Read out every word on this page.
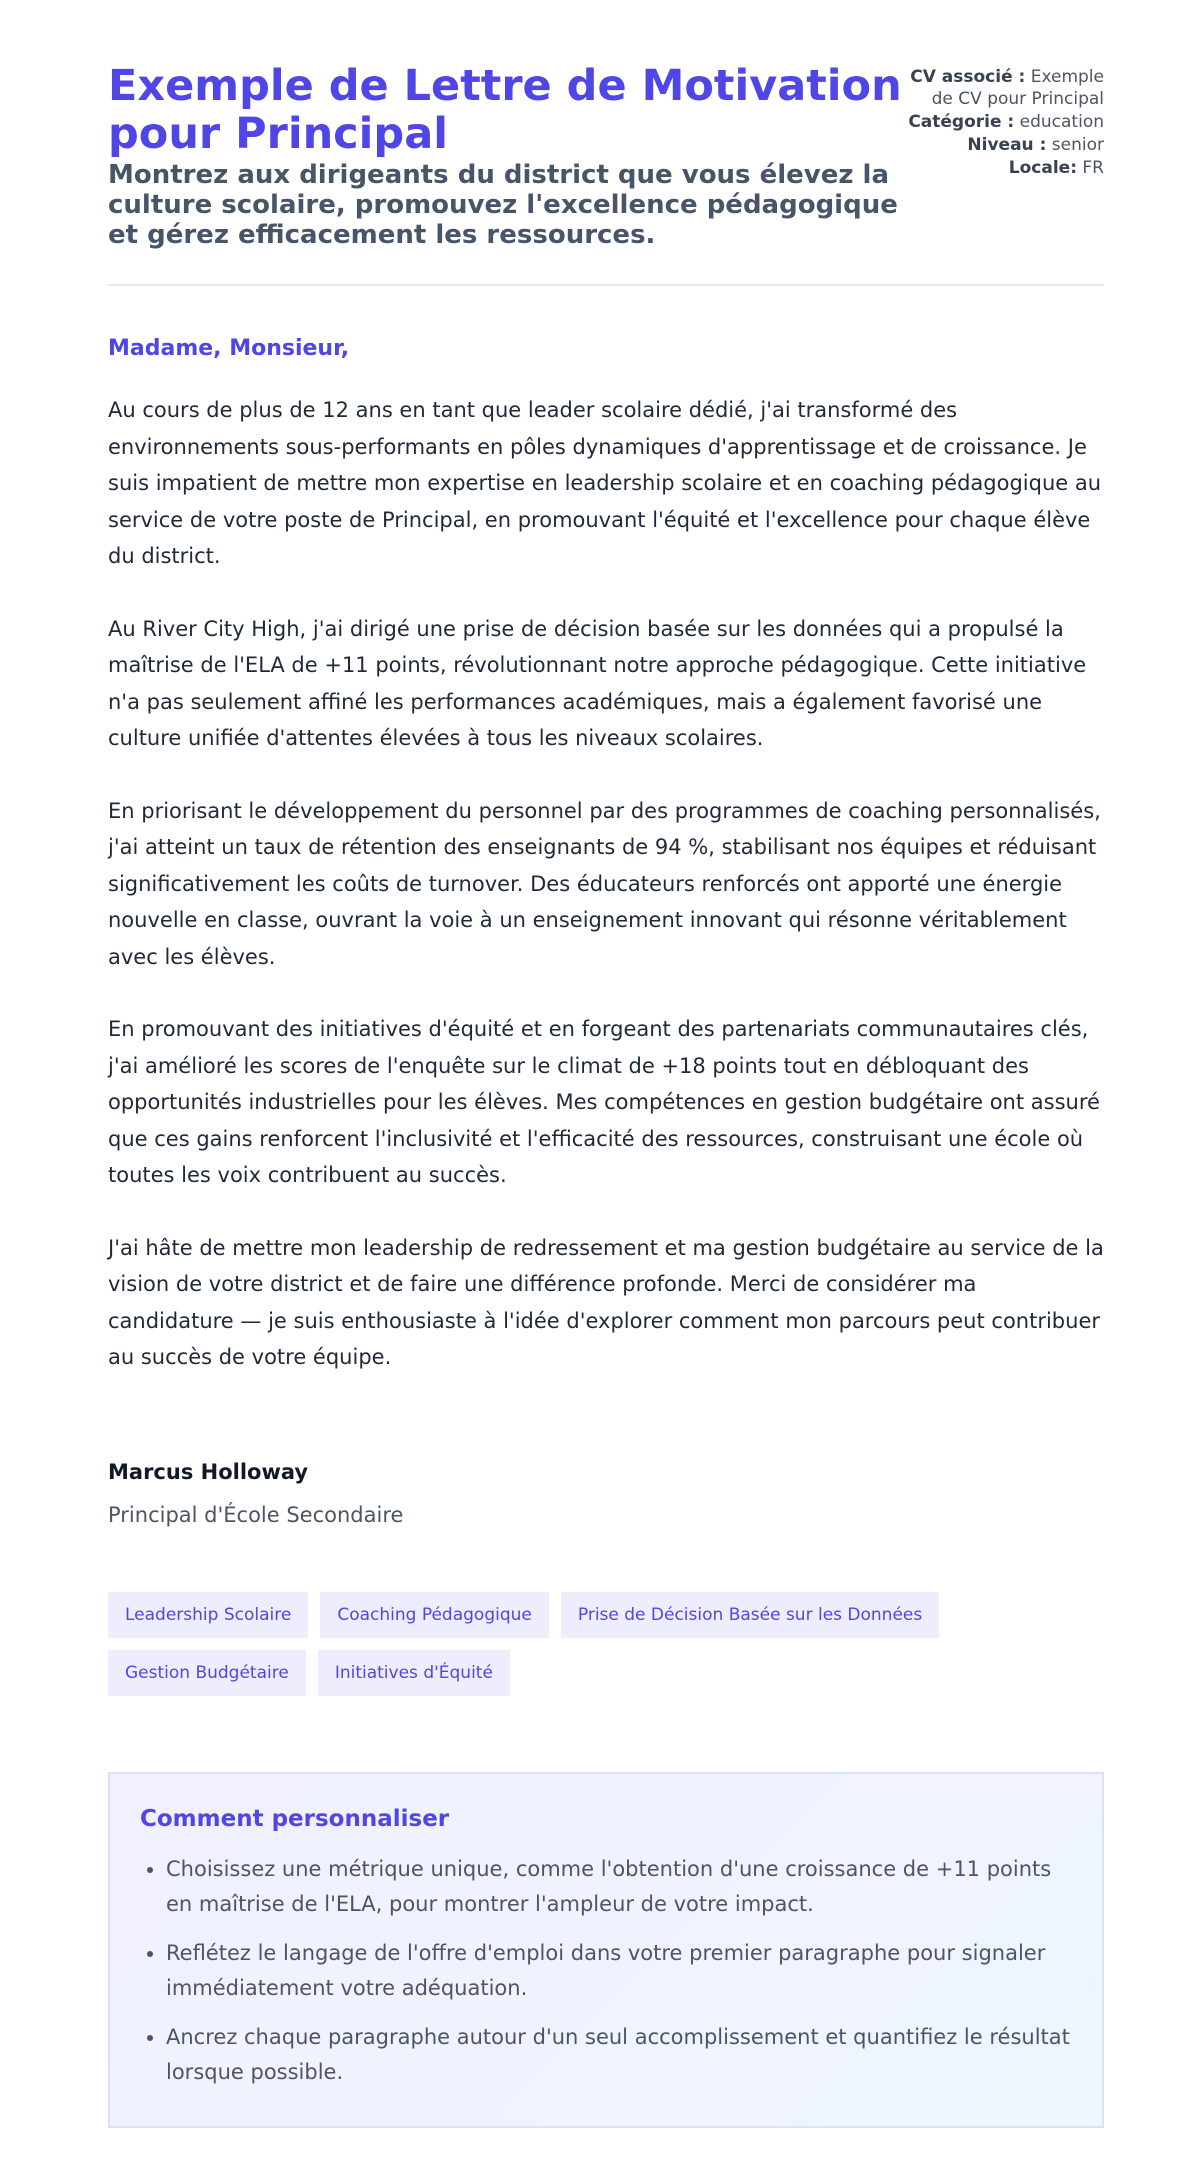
Exemple de Lettre de Motivation pour Principal
Montrez aux dirigeants du district que vous élevez la culture scolaire, promouvez l'excellence pédagogique et gérez efficacement les ressources.
CV associé : Exemple de CV pour Principal
Catégorie : education
Niveau : senior
Locale: FR

Madame, Monsieur,

Au cours de plus de 12 ans en tant que leader scolaire dédié, j'ai transformé des environnements sous-performants en pôles dynamiques d'apprentissage et de croissance. Je suis impatient de mettre mon expertise en leadership scolaire et en coaching pédagogique au service de votre poste de Principal, en promouvant l'équité et l'excellence pour chaque élève du district.

Au River City High, j'ai dirigé une prise de décision basée sur les données qui a propulsé la maîtrise de l'ELA de +11 points, révolutionnant notre approche pédagogique. Cette initiative n'a pas seulement affiné les performances académiques, mais a également favorisé une culture unifiée d'attentes élevées à tous les niveaux scolaires.

En priorisant le développement du personnel par des programmes de coaching personnalisés, j'ai atteint un taux de rétention des enseignants de 94 %, stabilisant nos équipes et réduisant significativement les coûts de turnover. Des éducateurs renforcés ont apporté une énergie nouvelle en classe, ouvrant la voie à un enseignement innovant qui résonne véritablement avec les élèves.

En promouvant des initiatives d'équité et en forgeant des partenariats communautaires clés, j'ai amélioré les scores de l'enquête sur le climat de +18 points tout en débloquant des opportunités industrielles pour les élèves. Mes compétences en gestion budgétaire ont assuré que ces gains renforcent l'inclusivité et l'efficacité des ressources, construisant une école où toutes les voix contribuent au succès.

J'ai hâte de mettre mon leadership de redressement et ma gestion budgétaire au service de la vision de votre district et de faire une différence profonde. Merci de considérer ma candidature — je suis enthousiaste à l'idée d'explorer comment mon parcours peut contribuer au succès de votre équipe.

Marcus Holloway
Principal d'École Secondaire
Leadership Scolaire	Coaching Pédagogique	Prise de Décision Basée sur les Données
Gestion Budgétaire	Initiatives d'Équité
Comment personnaliser
• Choisissez une métrique unique, comme l'obtention d'une croissance de +11 points en maîtrise de l'ELA, pour montrer l'ampleur de votre impact.
• Reflétez le langage de l'offre d'emploi dans votre premier paragraphe pour signaler immédiatement votre adéquation.
• Ancrez chaque paragraphe autour d'un seul accomplissement et quantifiez le résultat lorsque possible.
